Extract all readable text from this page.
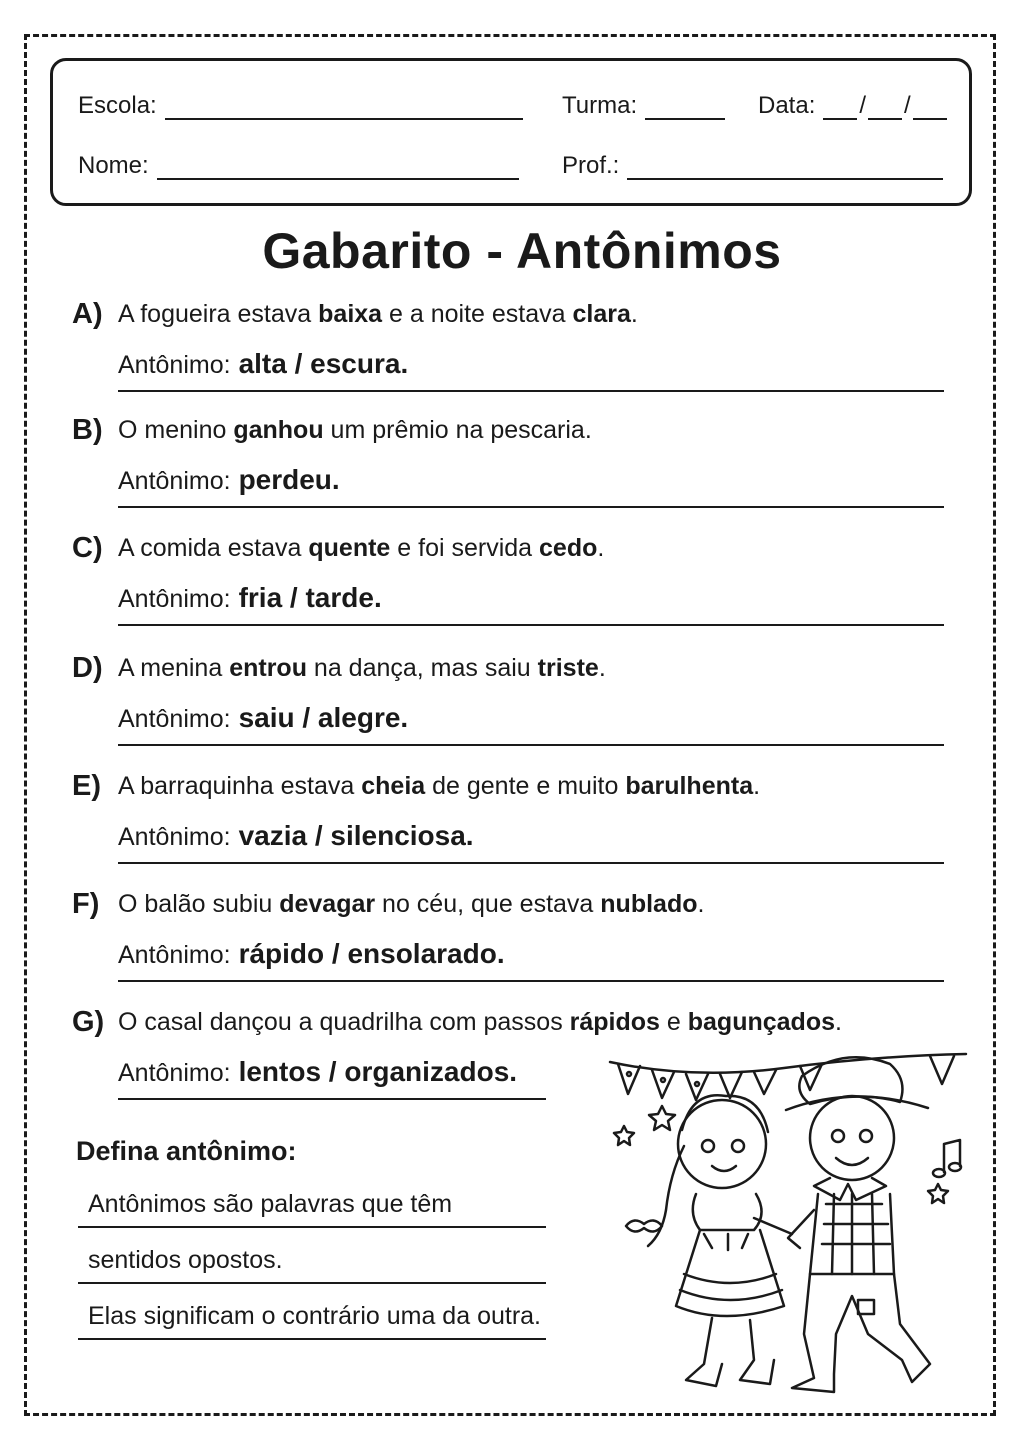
Escola:	Turma:	Data: / /
Nome:	Prof.:
Gabarito - Antônimos
A) A fogueira estava baixa e a noite estava clara.
Antônimo: alta / escura.
B) O menino ganhou um prêmio na pescaria.
Antônimo: perdeu.
C) A comida estava quente e foi servida cedo.
Antônimo: fria / tarde.
D) A menina entrou na dança, mas saiu triste.
Antônimo: saiu / alegre.
E) A barraquinha estava cheia de gente e muito barulhenta.
Antônimo: vazia / silenciosa.
F) O balão subiu devagar no céu, que estava nublado.
Antônimo: rápido / ensolarado.
G) O casal dançou a quadrilha com passos rápidos e bagunçados.
Antônimo: lentos / organizados.
Defina antônimo:
Antônimos são palavras que têm
sentidos opostos.
Elas significam o contrário uma da outra.
